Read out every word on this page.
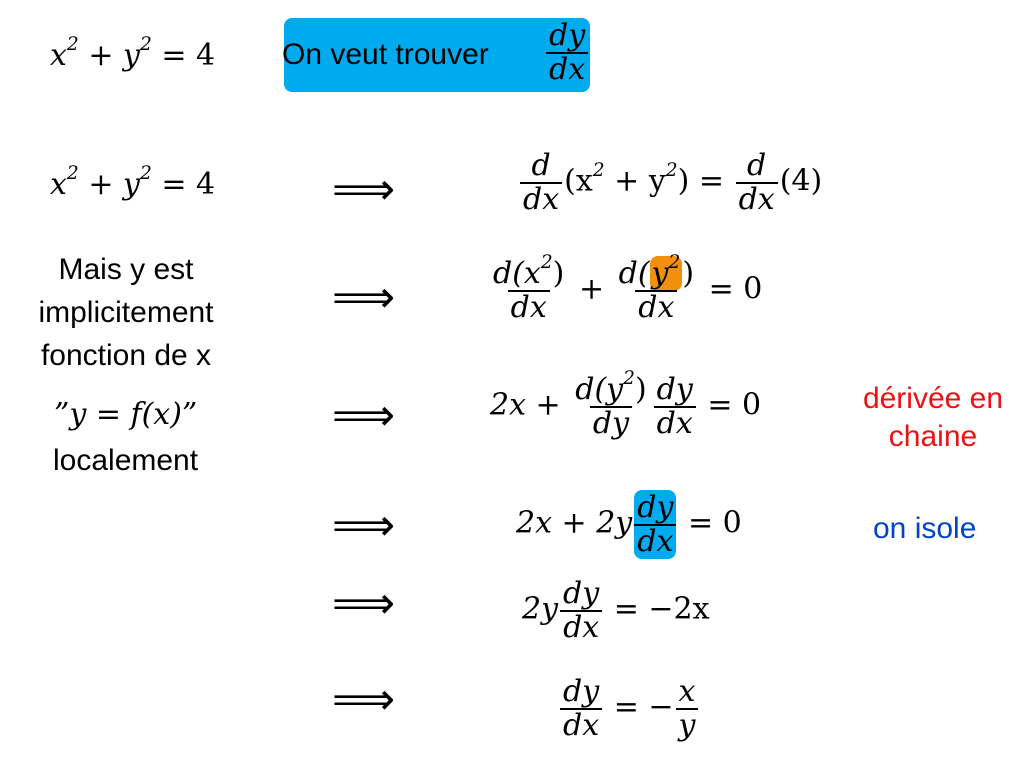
$x^2 + y^2 = 4$ On veut trouver $\frac{dy}{dx}$
$x^2 + y^2 = 4$
Mais y est
implicitement
fonction de x
”y = f(x)”
localement
⟹
⟹
⟹
⟹
⟹
⟹
$\frac{d}{dx} (x^2 + y^2) = \frac{d}{dx} (4)$
$\frac{d(x^2)}{dx} + \frac{d(y^2)}{dx} = 0$
$2x + \frac{d(y^2)}{dy} \frac{dy}{dx} = 0$
$2x + 2y \frac{dy}{dx} = 0$
$2y \frac{dy}{dx} = -2x$
$\frac{dy}{dx}$ = − $\frac{x}{y}$
dérivée en
chaine
on isole
